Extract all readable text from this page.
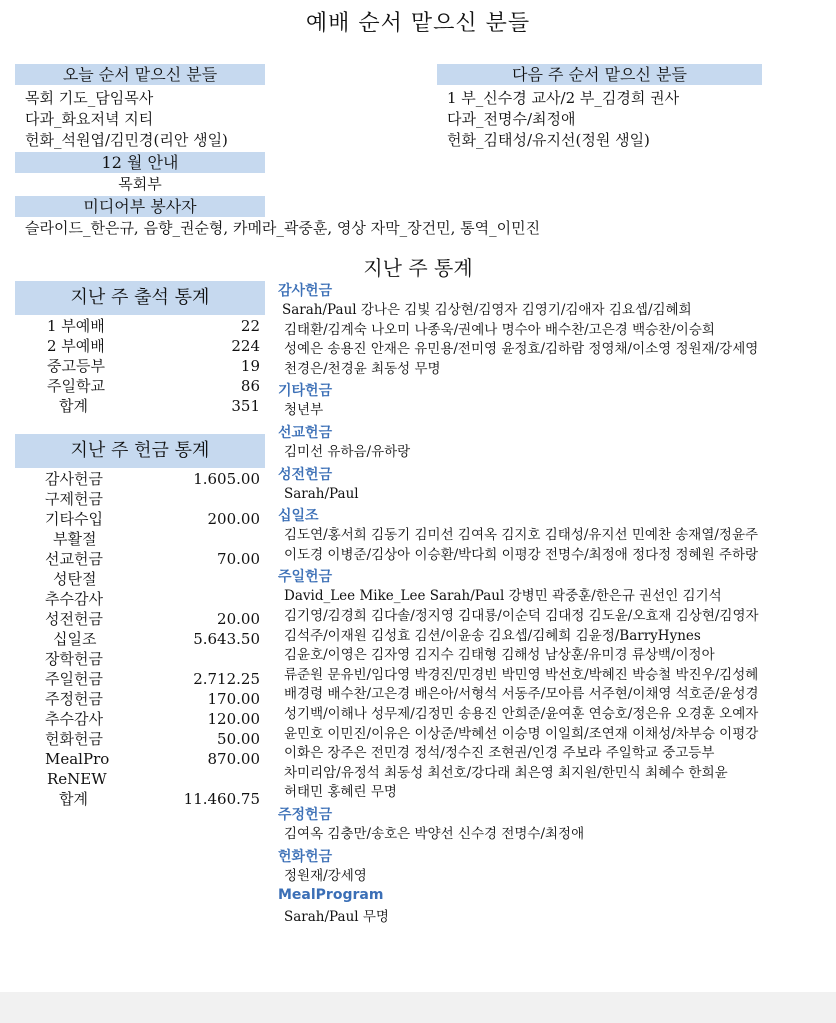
예배 순서 맡으신 분들
오늘 순서 맡으신 분들
목회 기도_담임목사
다과_화요저녁 지티
헌화_석원엽/김민경(리안 생일)
다음 주 순서 맡으신 분들
1 부_신수경 교사/2 부_김경희 권사
다과_전명수/최정애
헌화_김태성/유지선(정원 생일)
12 월 안내
목회부
미디어부 봉사자
슬라이드_한은규, 음향_권순형, 카메라_곽중훈, 영상 자막_장건민, 통역_이민진
지난 주 통계
지난 주 출석 통계
1 부예배	22
2 부예배	224
중고등부	19
주일학교	86
합계	351
지난 주 헌금 통계
감사헌금	1.605.00
구제헌금
기타수입	200.00
부활절
선교헌금	70.00
성탄절
추수감사
성전헌금	20.00
십일조	5.643.50
장학헌금
주일헌금	2.712.25
주정헌금	170.00
추수감사	120.00
헌화헌금	50.00
MealPro	870.00
ReNEW
합계	11.460.75
감사헌금
Sarah/Paul 강나은 김빛 김상현/김영자 김영기/김애자 김요셉/김혜희
김태환/김계숙 나오미 나종욱/권예나 명수아 배수찬/고은경 백승찬/이승희
성예은 송용진 안재은 유민용/전미영 윤정효/김하람 정영채/이소영 정원재/강세영
천경은/천경윤 최동성 무명
기타헌금
청년부
선교헌금
김미선 유하음/유하랑
성전헌금
Sarah/Paul
십일조
김도연/홍서희 김동기 김미선 김여옥 김지호 김태성/유지선 민예찬 송재열/정윤주
이도경 이병준/김상아 이승환/박다희 이평강 전명수/최정애 정다정 정혜원 주하랑
주일헌금
David_Lee Mike_Lee Sarah/Paul 강병민 곽중훈/한은규 권선인 김기석
김기영/김경희 김다솔/정지영 김대룡/이순덕 김대정 김도윤/오효재 김상현/김영자
김석주/이재원 김성효 김션/이윤송 김요셉/김혜희 김윤정/BarryHynes
김윤호/이영은 김자영 김지수 김태형 김해성 남상훈/유미경 류상백/이정아
류준원 문유빈/임다영 박경진/민경빈 박민영 박선호/박혜진 박승철 박진우/김성혜
배경령 배수찬/고은경 배은아/서형석 서동주/모아름 서주현/이채영 석호준/윤성경
성기백/이해나 성무제/김정민 송용진 안희준/윤여훈 연승호/정은유 오경훈 오예자
윤민호 이민진/이유은 이상준/박혜선 이승명 이일희/조연재 이채성/차부승 이평강
이화은 장주은 전민경 정석/정수진 조현권/인경 주보라 주일학교 중고등부
차미리암/유정석 최동성 최선호/강다래 최은영 최지원/한민식 최혜수 한희윤
허태민 홍혜린 무명
주정헌금
김여옥 김충만/송호은 박양선 신수경 전명수/최정애
헌화헌금
정원재/강세영
MealProgram
Sarah/Paul 무명
